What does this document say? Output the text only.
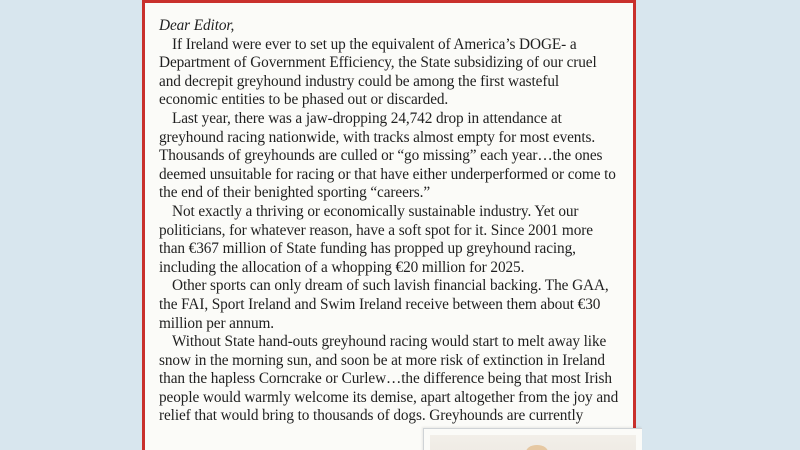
Dear Editor,

If Ireland were ever to set up the equivalent of America’s DOGE- a Department of Government Efficiency, the State subsidizing of our cruel and decrepit greyhound industry could be among the first wasteful economic entities to be phased out or discarded.

Last year, there was a jaw-dropping 24,742 drop in attendance at greyhound racing nationwide, with tracks almost empty for most events. Thousands of greyhounds are culled or “go missing” each year…the ones deemed unsuitable for racing or that have either underperformed or come to the end of their benighted sporting “careers.”

Not exactly a thriving or economically sustainable industry. Yet our politicians, for whatever reason, have a soft spot for it. Since 2001 more than €367 million of State funding has propped up greyhound racing, including the allocation of a whopping €20 million for 2025.

Other sports can only dream of such lavish financial backing. The GAA, the FAI, Sport Ireland and Swim Ireland receive between them about €30 million per annum.

Without State hand-outs greyhound racing would start to melt away like snow in the morning sun, and soon be at more risk of extinction in Ireland than the hapless Corncrake or Curlew…the difference being that most Irish people would warmly welcome its demise, apart altogether from the joy and relief that would bring to thousands of dogs. Greyhounds are currently
